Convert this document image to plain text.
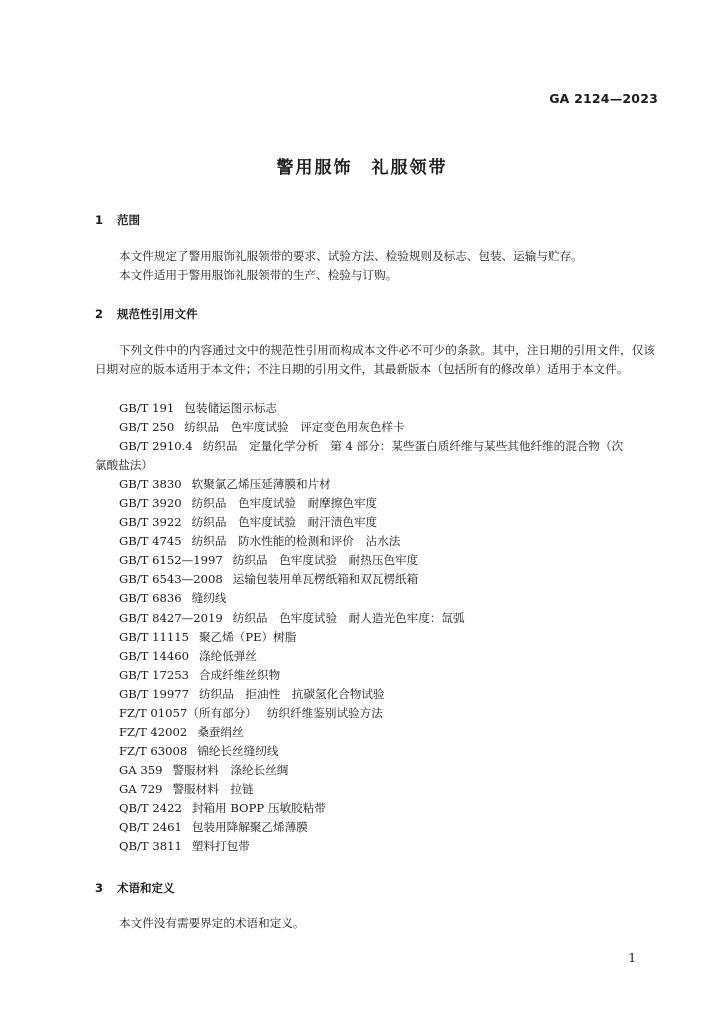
GA 2124—2023
警用服饰　礼服领带
1 范围
本文件规定了警用服饰礼服领带的要求、试验方法、检验规则及标志、包装、运输与贮存。
本文件适用于警用服饰礼服领带的生产、检验与订购。
2 规范性引用文件
下列文件中的内容通过文中的规范性引用而构成本文件必不可少的条款。其中，注日期的引用文件，仅该日期对应的版本适用于本文件；不注日期的引用文件，其最新版本（包括所有的修改单）适用于本文件。
GB/T 191 包装储运图示标志
GB/T 250 纺织品　色牢度试验　评定变色用灰色样卡
GB/T 2910.4 纺织品　定量化学分析　第 4 部分：某些蛋白质纤维与某些其他纤维的混合物（次
氯酸盐法）
GB/T 3830 软聚氯乙烯压延薄膜和片材
GB/T 3920 纺织品　色牢度试验　耐摩擦色牢度
GB/T 3922 纺织品　色牢度试验　耐汗渍色牢度
GB/T 4745 纺织品　防水性能的检测和评价　沾水法
GB/T 6152—1997 纺织品　色牢度试验　耐热压色牢度
GB/T 6543—2008 运输包装用单瓦楞纸箱和双瓦楞纸箱
GB/T 6836 缝纫线
GB/T 8427—2019 纺织品　色牢度试验　耐人造光色牢度：氙弧
GB/T 11115 聚乙烯（PE）树脂
GB/T 14460 涤纶低弹丝
GB/T 17253 合成纤维丝织物
GB/T 19977 纺织品　拒油性　抗碳氢化合物试验
FZ/T 01057（所有部分） 纺织纤维鉴别试验方法
FZ/T 42002 桑蚕绢丝
FZ/T 63008 锦纶长丝缝纫线
GA 359 警服材料　涤纶长丝绸
GA 729 警服材料　拉链
QB/T 2422 封箱用 BOPP 压敏胶粘带
QB/T 2461 包装用降解聚乙烯薄膜
QB/T 3811 塑料打包带
3 术语和定义
本文件没有需要界定的术语和定义。
1
